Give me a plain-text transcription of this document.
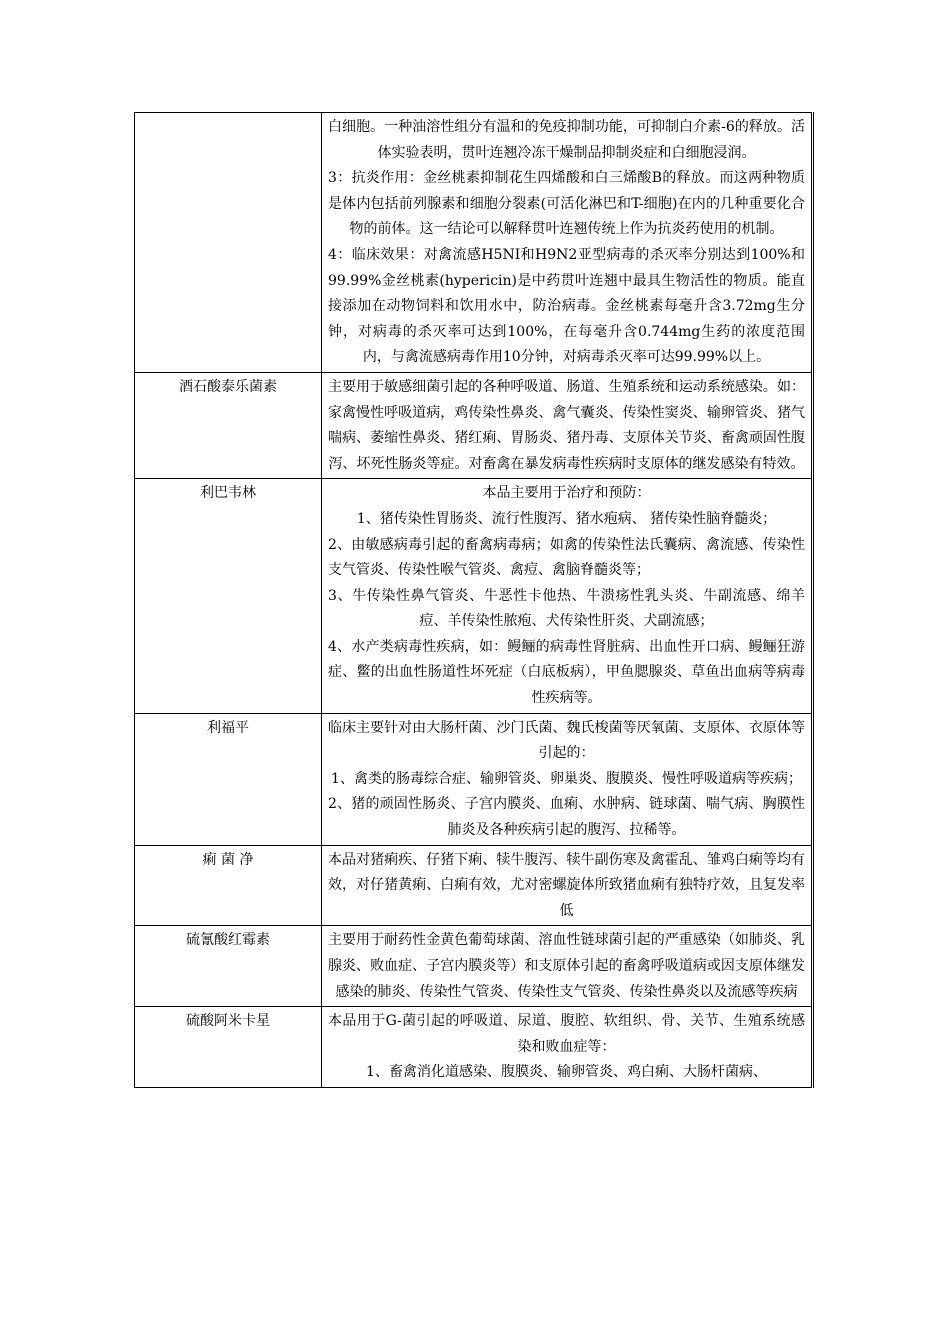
	白细胞。一种油溶性组分有温和的免疫抑制功能，可抑制白介素-6的释放。活体实验表明，贯叶连翘冷冻干燥制品抑制炎症和白细胞浸润。

3：抗炎作用：金丝桃素抑制花生四烯酸和白三烯酸B的释放。而这两种物质是体内包括前列腺素和细胞分裂素(可活化淋巴和T-细胞)在内的几种重要化合物的前体。这一结论可以解释贯叶连翘传统上作为抗炎药使用的机制。

4：临床效果：对禽流感H5NI和H9N2亚型病毒的杀灭率分别达到100%和99.99%金丝桃素(hypericin)是中药贯叶连翘中最具生物活性的物质。能直接添加在动物饲料和饮用水中，防治病毒。金丝桃素每毫升含3.72mg生分钟，对病毒的杀灭率可达到100%，在每毫升含0.744mg生药的浓度范围内，与禽流感病毒作用10分钟，对病毒杀灭率可达99.99%以上。

酒石酸泰乐菌素	主要用于敏感细菌引起的各种呼吸道、肠道、生殖系统和运动系统感染。如：家禽慢性呼吸道病，鸡传染性鼻炎、禽气囊炎、传染性窦炎、输卵管炎、猪气喘病、萎缩性鼻炎、猪红痢、胃肠炎、猪丹毒、支原体关节炎、畜禽顽固性腹泻、坏死性肠炎等症。对畜禽在暴发病毒性疾病时支原体的继发感染有特效。

利巴韦林	本品主要用于治疗和预防：

1、猪传染性胃肠炎、流行性腹泻、猪水疱病、 猪传染性脑脊髓炎；

2、由敏感病毒引起的畜禽病毒病；如禽的传染性法氏囊病、禽流感、传染性支气管炎、传染性喉气管炎、禽痘、禽脑脊髓炎等；

3、牛传染性鼻气管炎、牛恶性卡他热、牛溃疡性乳头炎、牛副流感、绵羊痘、羊传染性脓疱、犬传染性肝炎、犬副流感；

4、水产类病毒性疾病，如：鳗鲡的病毒性肾脏病、出血性开口病、鳗鲡狂游症、鳖的出血性肠道性坏死症（白底板病），甲鱼腮腺炎、草鱼出血病等病毒性疾病等。

利福平	临床主要针对由大肠杆菌、沙门氏菌、魏氏梭菌等厌氧菌、支原体、衣原体等引起的：

1、禽类的肠毒综合症、输卵管炎、卵巢炎、腹膜炎、慢性呼吸道病等疾病；

2、猪的顽固性肠炎、子宫内膜炎、血痢、水肿病、链球菌、喘气病、胸膜性肺炎及各种疾病引起的腹泻、拉稀等。

痢 菌 净	本品对猪痢疾、仔猪下痢、犊牛腹泻、犊牛副伤寒及禽霍乱、雏鸡白痢等均有效，对仔猪黄痢、白痢有效，尤对密螺旋体所致猪血痢有独特疗效，且复发率低

硫氰酸红霉素	主要用于耐药性金黄色葡萄球菌、溶血性链球菌引起的严重感染（如肺炎、乳腺炎、败血症、子宫内膜炎等）和支原体引起的畜禽呼吸道病或因支原体继发感染的肺炎、传染性气管炎、传染性支气管炎、传染性鼻炎以及流感等疾病

硫酸阿米卡星	本品用于G-菌引起的呼吸道、尿道、腹腔、软组织、骨、关节、生殖系统感染和败血症等：

1、畜禽消化道感染、腹膜炎、输卵管炎、鸡白痢、大肠杆菌病、
